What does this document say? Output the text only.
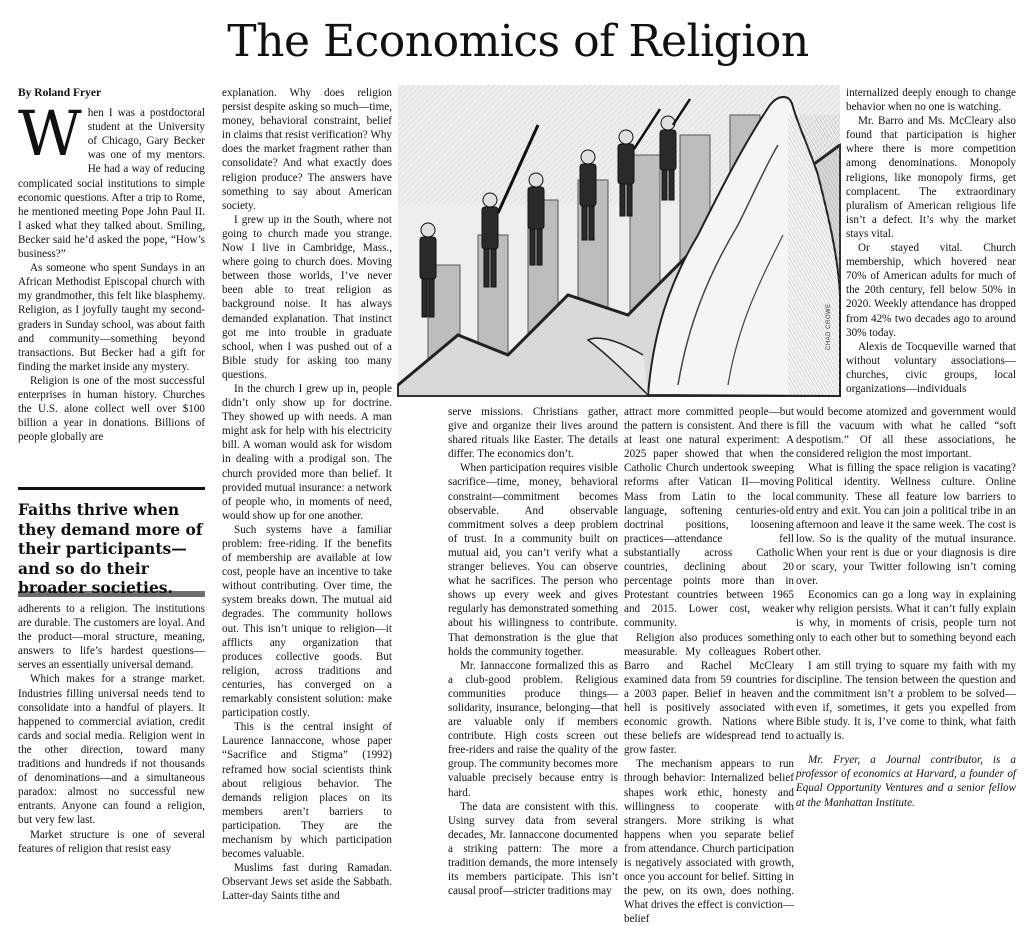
The Economics of Religion

By Roland Fryer

When I was a postdoctoral student at the University of Chicago, Gary Becker was one of my mentors. He had a way of reducing complicated social institutions to simple economic questions. After a trip to Rome, he mentioned meeting Pope John Paul II. I asked what they talked about. Smiling, Becker said he’d asked the pope, “How’s business?”

As someone who spent Sundays in an African Methodist Episcopal church with my grandmother, this felt like blasphemy. Religion, as I joyfully taught my second-graders in Sunday school, was about faith and community—something beyond transactions. But Becker had a gift for finding the market inside any mystery.

Religion is one of the most successful enterprises in human history. Churches the U.S. alone collect well over $100 billion a year in donations. Billions of people globally are

Faiths thrive when they demand more of their participants—and so do their broader societies.

adherents to a religion. The institutions are durable. The customers are loyal. And the product—moral structure, meaning, answers to life’s hardest questions—serves an essentially universal demand.

Which makes for a strange market. Industries filling universal needs tend to consolidate into a handful of players. It happened to commercial aviation, credit cards and social media. Religion went in the other direction, toward many traditions and hundreds if not thousands of denominations—and a simultaneous paradox: almost no successful new entrants. Anyone can found a religion, but very few last.

Market structure is one of several features of religion that resist easy

explanation. Why does religion persist despite asking so much—time, money, behavioral constraint, belief in claims that resist verification? Why does the market fragment rather than consolidate? And what exactly does religion produce? The answers have something to say about American society.

I grew up in the South, where not going to church made you strange. Now I live in Cambridge, Mass., where going to church does. Moving between those worlds, I’ve never been able to treat religion as background noise. It has always demanded explanation. That instinct got me into trouble in graduate school, when I was pushed out of a Bible study for asking too many questions.

In the church I grew up in, people didn’t only show up for doctrine. They showed up with needs. A man might ask for help with his electricity bill. A woman would ask for wisdom in dealing with a prodigal son. The church provided more than belief. It provided mutual insurance: a network of people who, in moments of need, would show up for one another.

Such systems have a familiar problem: free-riding. If the benefits of membership are available at low cost, people have an incentive to take without contributing. Over time, the system breaks down. The mutual aid degrades. The community hollows out. This isn’t unique to religion—it afflicts any organization that produces collective goods. But religion, across traditions and centuries, has converged on a remarkably consistent solution: make participation costly.

This is the central insight of Laurence Iannaccone, whose paper “Sacrifice and Stigma” (1992) reframed how social scientists think about religious behavior. The demands religion places on its members aren’t barriers to participation. They are the mechanism by which participation becomes valuable.

Muslims fast during Ramadan. Observant Jews set aside the Sabbath. Latter-day Saints tithe and

CHAD CROWE

serve missions. Christians gather, give and organize their lives around shared rituals like Easter. The details differ. The economics don’t.

When participation requires visible sacrifice—time, money, behavioral constraint—commitment becomes observable. And observable commitment solves a deep problem of trust. In a community built on mutual aid, you can’t verify what a stranger believes. You can observe what he sacrifices. The person who shows up every week and gives regularly has demonstrated something about his willingness to contribute. That demonstration is the glue that holds the community together.

Mr. Iannaccone formalized this as a club-good problem. Religious communities produce things—solidarity, insurance, belonging—that are valuable only if members contribute. High costs screen out free-riders and raise the quality of the group. The community becomes more valuable precisely because entry is hard.

The data are consistent with this. Using survey data from several decades, Mr. Iannaccone documented a striking pattern: The more a tradition demands, the more intensely its members participate. This isn’t causal proof—stricter traditions may

attract more committed people—but the pattern is consistent. And there is at least one natural experiment: A 2025 paper showed that when the Catholic Church undertook sweeping reforms after Vatican II—moving Mass from Latin to the local language, softening centuries-old doctrinal positions, loosening practices—attendance fell substantially across Catholic countries, declining about 20 percentage points more than in Protestant countries between 1965 and 2015. Lower cost, weaker community.

Religion also produces something measurable. My colleagues Robert Barro and Rachel McCleary examined data from 59 countries for a 2003 paper. Belief in heaven and hell is positively associated with economic growth. Nations where these beliefs are widespread tend to grow faster.

The mechanism appears to run through behavior: Internalized belief shapes work ethic, honesty and willingness to cooperate with strangers. More striking is what happens when you separate belief from attendance. Church participation is negatively associated with growth, once you account for belief. Sitting in the pew, on its own, does nothing. What drives the effect is conviction—belief

internalized deeply enough to change behavior when no one is watching.

Mr. Barro and Ms. McCleary also found that participation is higher where there is more competition among denominations. Monopoly religions, like monopoly firms, get complacent. The extraordinary pluralism of American religious life isn’t a defect. It’s why the market stays vital.

Or stayed vital. Church membership, which hovered near 70% of American adults for much of the 20th century, fell below 50% in 2020. Weekly attendance has dropped from 42% two decades ago to around 30% today.

Alexis de Tocqueville warned that without voluntary associations—churches, civic groups, local organizations—individuals

would become atomized and government would fill the vacuum with what he called “soft despotism.” Of all these associations, he considered religion the most important.

What is filling the space religion is vacating? Political identity. Wellness culture. Online community. These all feature low barriers to entry and exit. You can join a political tribe in an afternoon and leave it the same week. The cost is low. So is the quality of the mutual insurance. When your rent is due or your diagnosis is dire or scary, your Twitter following isn’t coming over.

Economics can go a long way in explaining why religion persists. What it can’t fully explain is why, in moments of crisis, people turn not only to each other but to something beyond each other.

I am still trying to square my faith with my discipline. The tension between the question and the commitment isn’t a problem to be solved—even if, sometimes, it gets you expelled from Bible study. It is, I’ve come to think, what faith actually is.

Mr. Fryer, a Journal contributor, is a professor of economics at Harvard, a founder of Equal Opportunity Ventures and a senior fellow at the Manhattan Institute.
